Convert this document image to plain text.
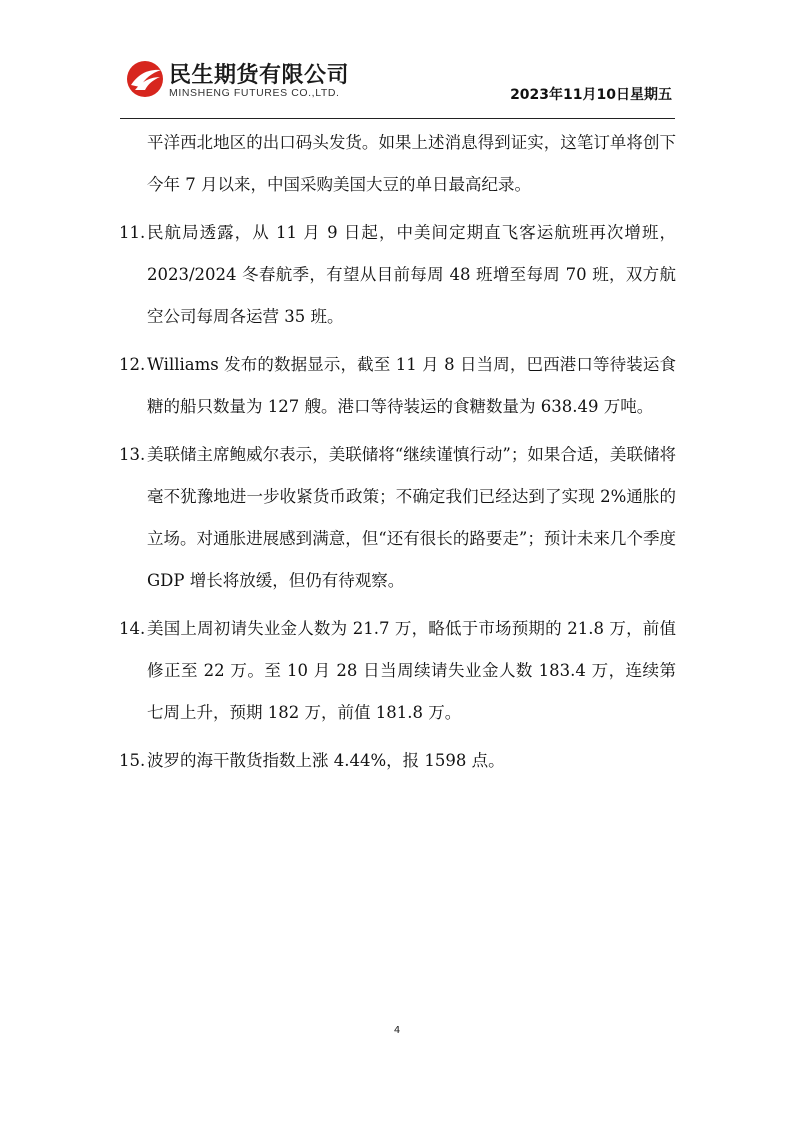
民生期货有限公司
MINSHENG FUTURES CO.,LTD.	2023年11月10日星期五
平洋西北地区的出口码头发货。如果上述消息得到证实，这笔订单将创下今年 7 月以来，中国采购美国大豆的单日最高纪录。
11. 民航局透露，从 11 月 9 日起，中美间定期直飞客运航班再次增班，2023/2024 冬春航季，有望从目前每周 48 班增至每周 70 班，双方航空公司每周各运营 35 班。
12. Williams 发布的数据显示，截至 11 月 8 日当周，巴西港口等待装运食糖的船只数量为 127 艘。港口等待装运的食糖数量为 638.49 万吨。
13. 美联储主席鲍威尔表示，美联储将“继续谨慎行动”；如果合适，美联储将毫不犹豫地进一步收紧货币政策；不确定我们已经达到了实现 2%通胀的立场。对通胀进展感到满意，但“还有很长的路要走”；预计未来几个季度 GDP 增长将放缓，但仍有待观察。
14. 美国上周初请失业金人数为 21.7 万，略低于市场预期的 21.8 万，前值修正至 22 万。至 10 月 28 日当周续请失业金人数 183.4 万，连续第七周上升，预期 182 万，前值 181.8 万。
15. 波罗的海干散货指数上涨 4.44%，报 1598 点。
4
